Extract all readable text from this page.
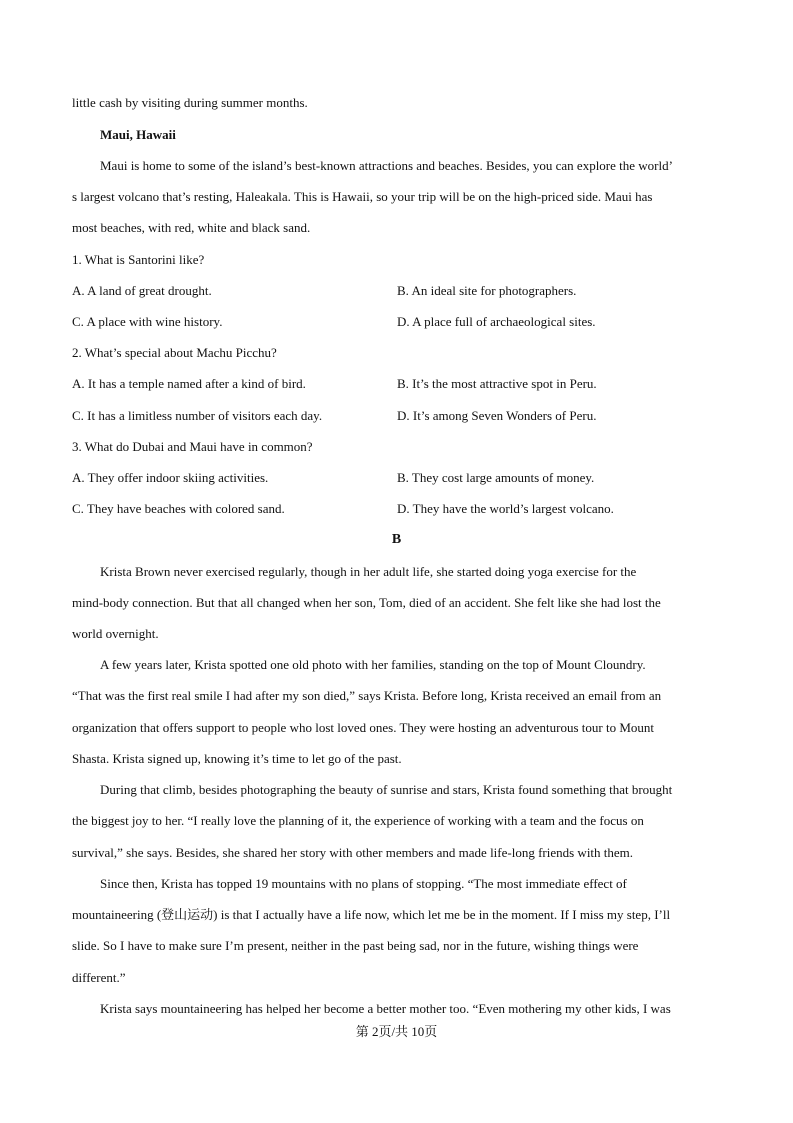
little cash by visiting during summer months.
Maui, Hawaii
Maui is home to some of the island’s best-known attractions and beaches. Besides, you can explore the world’
s largest volcano that’s resting, Haleakala. This is Hawaii, so your trip will be on the high-priced side. Maui has
most beaches, with red, white and black sand.
1. What is Santorini like?
A. A land of great drought.	B. An ideal site for photographers.
C. A place with wine history.	D. A place full of archaeological sites.
2. What’s special about Machu Picchu?
A. It has a temple named after a kind of bird.	B. It’s the most attractive spot in Peru.
C. It has a limitless number of visitors each day.	D. It’s among Seven Wonders of Peru.
3. What do Dubai and Maui have in common?
A. They offer indoor skiing activities.	B. They cost large amounts of money.
C. They have beaches with colored sand.	D. They have the world’s largest volcano.
B
Krista Brown never exercised regularly, though in her adult life, she started doing yoga exercise for the
mind-body connection. But that all changed when her son, Tom, died of an accident. She felt like she had lost the
world overnight.
A few years later, Krista spotted one old photo with her families, standing on the top of Mount Cloundry.
“That was the first real smile I had after my son died,” says Krista. Before long, Krista received an email from an
organization that offers support to people who lost loved ones. They were hosting an adventurous tour to Mount
Shasta. Krista signed up, knowing it’s time to let go of the past.
During that climb, besides photographing the beauty of sunrise and stars, Krista found something that brought
the biggest joy to her. “I really love the planning of it, the experience of working with a team and the focus on
survival,” she says. Besides, she shared her story with other members and made life-long friends with them.
Since then, Krista has topped 19 mountains with no plans of stopping. “The most immediate effect of
mountaineering (登山运动) is that I actually have a life now, which let me be in the moment. If I miss my step, I’ll
slide. So I have to make sure I’m present, neither in the past being sad, nor in the future, wishing things were
different.”
Krista says mountaineering has helped her become a better mother too. “Even mothering my other kids, I was
第 2页/共 10页
